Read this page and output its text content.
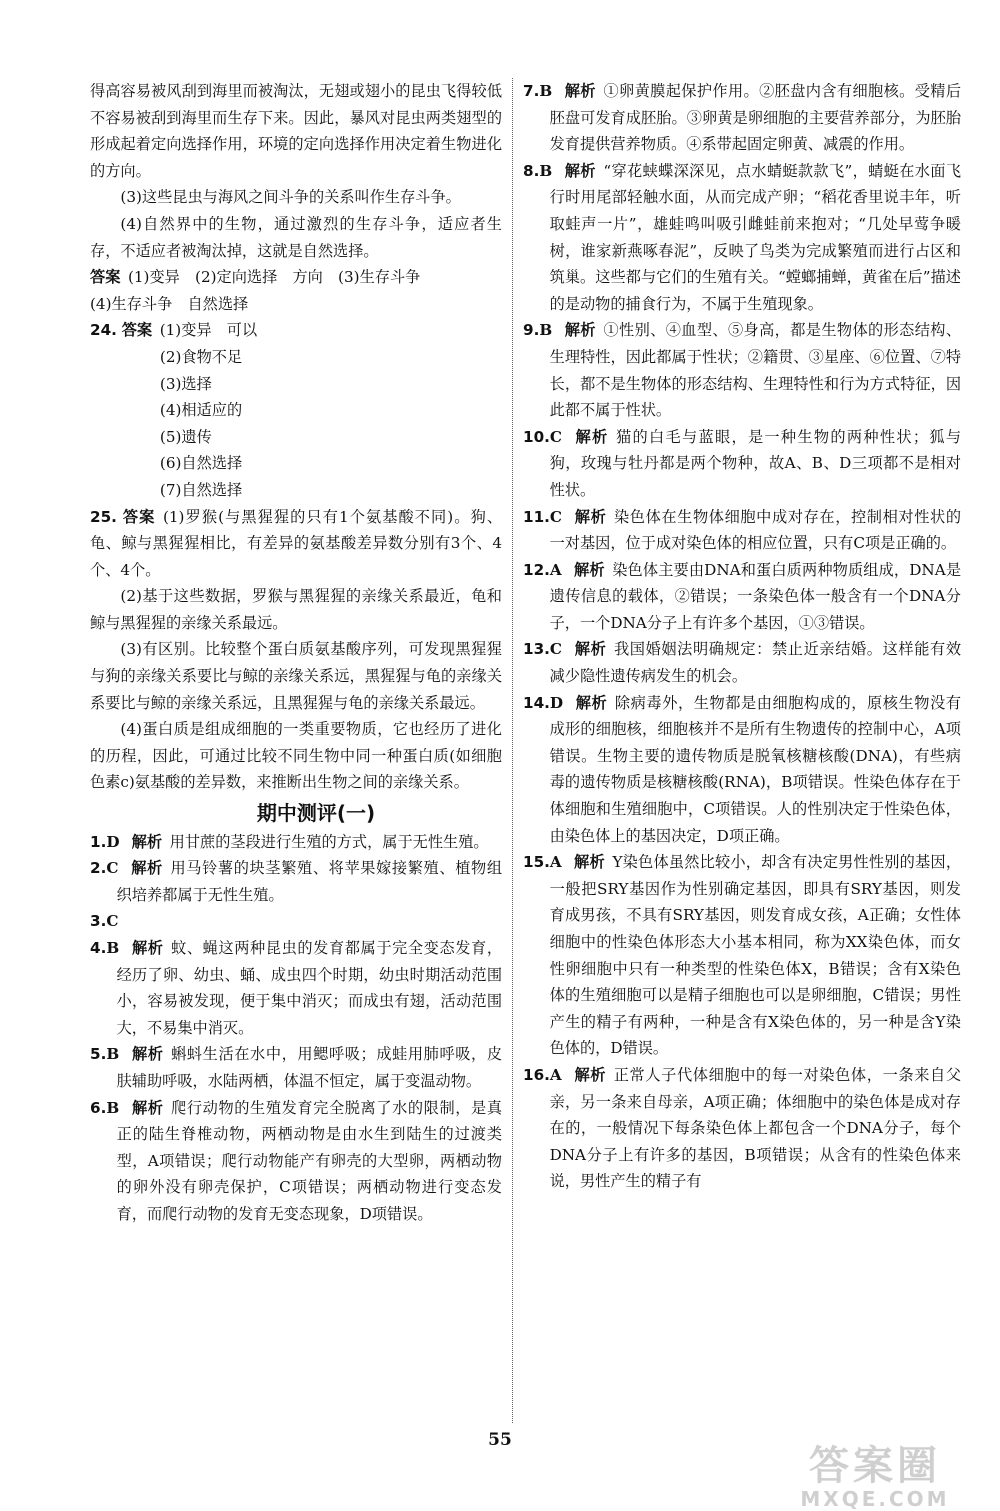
得高容易被风刮到海里而被淘汰，无翅或翅小的昆虫飞得较低不容易被刮到海里而生存下来。因此，暴风对昆虫两类翅型的形成起着定向选择作用，环境的定向选择作用决定着生物进化的方向。

(3)这些昆虫与海风之间斗争的关系叫作生存斗争。

(4)自然界中的生物，通过激烈的生存斗争，适应者生存，不适应者被淘汰掉，这就是自然选择。

答案 (1)变异　(2)定向选择　方向　(3)生存斗争
(4)生存斗争　自然选择

24. 答案 (1)变异　可以

(2)食物不足

(3)选择

(4)相适应的

(5)遗传

(6)自然选择

(7)自然选择

25. 答案 (1)罗猴(与黑猩猩的只有1个氨基酸不同)。狗、龟、鲸与黑猩猩相比，有差异的氨基酸差异数分别有3个、4个、4个。

(2)基于这些数据，罗猴与黑猩猩的亲缘关系最近，龟和鲸与黑猩猩的亲缘关系最远。

(3)有区别。比较整个蛋白质氨基酸序列，可发现黑猩猩与狗的亲缘关系要比与鲸的亲缘关系远，黑猩猩与龟的亲缘关系要比与鲸的亲缘关系远，且黑猩猩与龟的亲缘关系最远。

(4)蛋白质是组成细胞的一类重要物质，它也经历了进化的历程，因此，可通过比较不同生物中同一种蛋白质(如细胞色素c)氨基酸的差异数，来推断出生物之间的亲缘关系。

期中测评(一)

1.D 解析 用甘蔗的茎段进行生殖的方式，属于无性生殖。

2.C 解析 用马铃薯的块茎繁殖、将苹果嫁接繁殖、植物组织培养都属于无性生殖。

3.C

4.B 解析 蚊、蝇这两种昆虫的发育都属于完全变态发育，经历了卵、幼虫、蛹、成虫四个时期，幼虫时期活动范围小，容易被发现，便于集中消灭；而成虫有翅，活动范围大，不易集中消灭。

5.B 解析 蝌蚪生活在水中，用鳃呼吸；成蛙用肺呼吸，皮肤辅助呼吸，水陆两栖，体温不恒定，属于变温动物。

6.B 解析 爬行动物的生殖发育完全脱离了水的限制，是真正的陆生脊椎动物，两栖动物是由水生到陆生的过渡类型，A项错误；爬行动物能产有卵壳的大型卵，两栖动物的卵外没有卵壳保护，C项错误；两栖动物进行变态发育，而爬行动物的发育无变态现象，D项错误。

7.B 解析 ①卵黄膜起保护作用。②胚盘内含有细胞核。受精后胚盘可发育成胚胎。③卵黄是卵细胞的主要营养部分，为胚胎发育提供营养物质。④系带起固定卵黄、减震的作用。

8.B 解析 “穿花蛱蝶深深见，点水蜻蜓款款飞”，蜻蜓在水面飞行时用尾部轻触水面，从而完成产卵；“稻花香里说丰年，听取蛙声一片”，雄蛙鸣叫吸引雌蛙前来抱对；“几处早莺争暖树，谁家新燕啄春泥”，反映了鸟类为完成繁殖而进行占区和筑巢。这些都与它们的生殖有关。“螳螂捕蝉，黄雀在后”描述的是动物的捕食行为，不属于生殖现象。

9.B 解析 ①性别、④血型、⑤身高，都是生物体的形态结构、生理特性，因此都属于性状；②籍贯、③星座、⑥位置、⑦特长，都不是生物体的形态结构、生理特性和行为方式特征，因此都不属于性状。

10.C 解析 猫的白毛与蓝眼，是一种生物的两种性状；狐与狗，玫瑰与牡丹都是两个物种，故A、B、D三项都不是相对性状。

11.C 解析 染色体在生物体细胞中成对存在，控制相对性状的一对基因，位于成对染色体的相应位置，只有C项是正确的。

12.A 解析 染色体主要由DNA和蛋白质两种物质组成，DNA是遗传信息的载体，②错误；一条染色体一般含有一个DNA分子，一个DNA分子上有许多个基因，①③错误。

13.C 解析 我国婚姻法明确规定：禁止近亲结婚。这样能有效减少隐性遗传病发生的机会。

14.D 解析 除病毒外，生物都是由细胞构成的，原核生物没有成形的细胞核，细胞核并不是所有生物遗传的控制中心，A项错误。生物主要的遗传物质是脱氧核糖核酸(DNA)，有些病毒的遗传物质是核糖核酸(RNA)，B项错误。性染色体存在于体细胞和生殖细胞中，C项错误。人的性别决定于性染色体，由染色体上的基因决定，D项正确。

15.A 解析 Y染色体虽然比较小，却含有决定男性性别的基因，一般把SRY基因作为性别确定基因，即具有SRY基因，则发育成男孩，不具有SRY基因，则发育成女孩，A正确；女性体细胞中的性染色体形态大小基本相同，称为XX染色体，而女性卵细胞中只有一种类型的性染色体X，B错误；含有X染色体的生殖细胞可以是精子细胞也可以是卵细胞，C错误；男性产生的精子有两种，一种是含有X染色体的，另一种是含Y染色体的，D错误。

16.A 解析 正常人子代体细胞中的每一对染色体，一条来自父亲，另一条来自母亲，A项正确；体细胞中的染色体是成对存在的，一般情况下每条染色体上都包含一个DNA分子，每个DNA分子上有许多的基因，B项错误；从含有的性染色体来说，男性产生的精子有

55
答案圈
MXQE.COM
